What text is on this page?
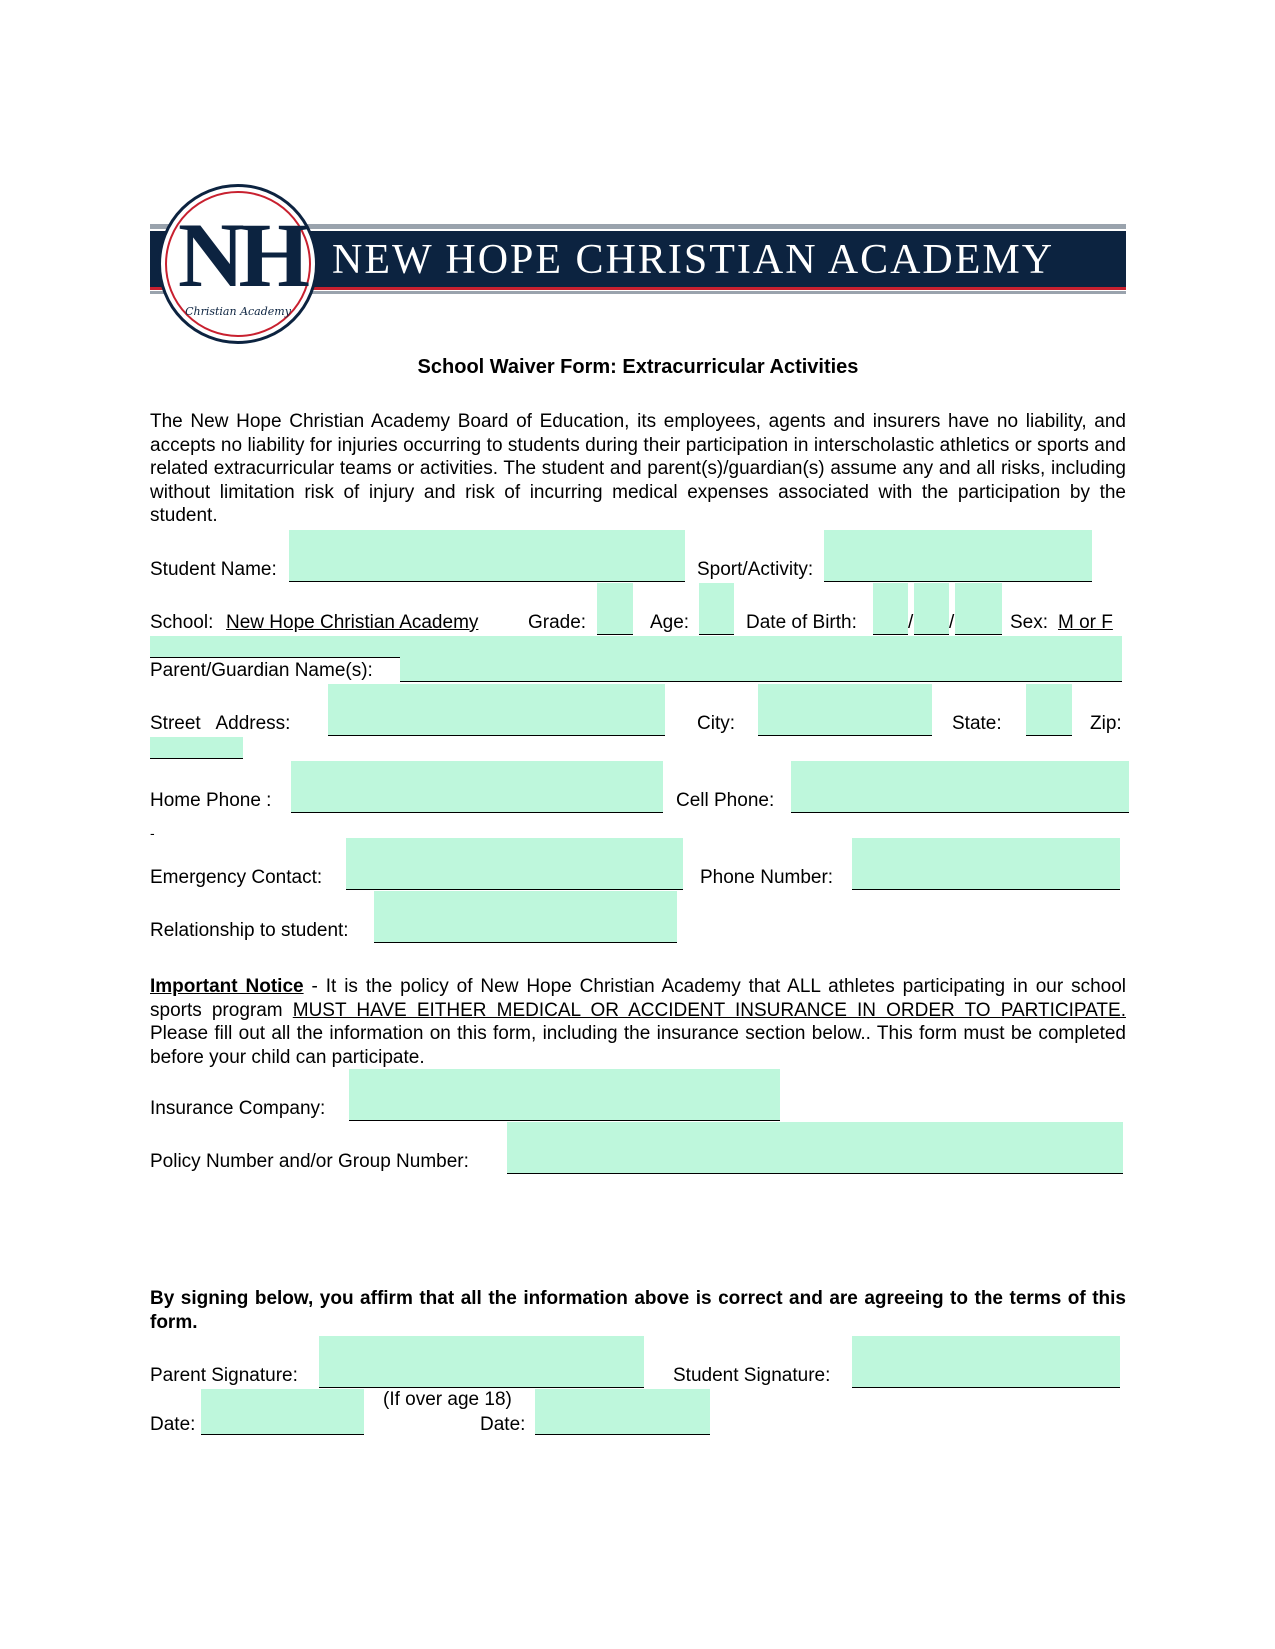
NEW HOPE CHRISTIAN ACADEMY
NH
Christian Academy
School Waiver Form: Extracurricular Activities
The New Hope Christian Academy Board of Education, its employees, agents and insurers have no liability, and accepts no liability for injuries occurring to students during their participation in interscholastic athletics or sports and related extracurricular teams or activities. The student and parent(s)/guardian(s) assume any and all risks, including without limitation risk of injury and risk of incurring medical expenses associated with the participation by the student.
Student Name:	Sport/Activity:
School: New Hope Christian Academy	Grade:	Age:	Date of Birth:	/ /	Sex: M or F
Parent/Guardian Name(s):
Street   Address:	City:	State:	Zip:
Home Phone :	Cell Phone:
-
Emergency Contact:	Phone Number:
Relationship to student:
Important Notice - It is the policy of New Hope Christian Academy that ALL athletes participating in our school sports program MUST HAVE EITHER MEDICAL OR ACCIDENT INSURANCE IN ORDER TO PARTICIPATE.    Please fill out all the information on this form, including the insurance section below.. This form must be completed before your child can participate.
Insurance Company:
Policy Number and/or Group Number:
By signing below, you affirm that all the information above is correct and are agreeing to the terms of this form.
Parent Signature:	Student Signature:
(If over age 18)
Date:	Date:
